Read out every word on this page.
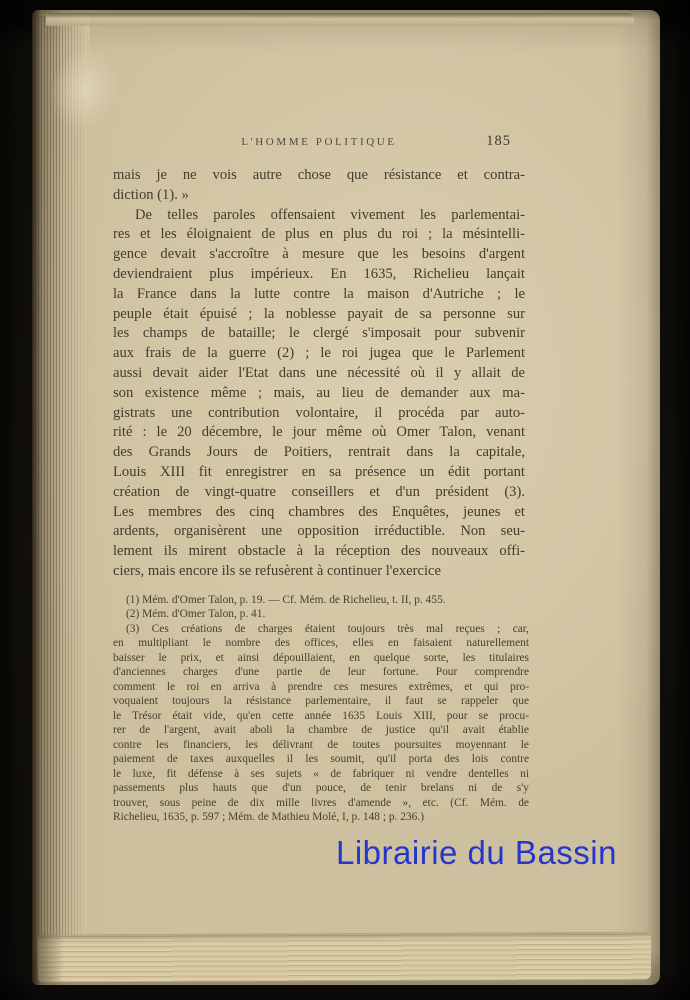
L'HOMME POLITIQUE	185
mais je ne vois autre chose que résistance et contra-
diction (1). »
De telles paroles offensaient vivement les parlementai-
res et les éloignaient de plus en plus du roi ; la mésintelli-
gence devait s'accroître à mesure que les besoins d'argent
deviendraient plus impérieux. En 1635, Richelieu lançait
la France dans la lutte contre la maison d'Autriche ; le
peuple était épuisé ; la noblesse payait de sa personne sur
les champs de bataille; le clergé s'imposait pour subvenir
aux frais de la guerre (2) ; le roi jugea que le Parlement
aussi devait aider l'Etat dans une nécessité où il y allait de
son existence même ; mais, au lieu de demander aux ma-
gistrats une contribution volontaire, il procéda par auto-
rité : le 20 décembre, le jour même où Omer Talon, venant
des Grands Jours de Poitiers, rentrait dans la capitale,
Louis XIII fit enregistrer en sa présence un édit portant
création de vingt-quatre conseillers et d'un président (3).
Les membres des cinq chambres des Enquêtes, jeunes et
ardents, organisèrent une opposition irréductible. Non seu-
lement ils mirent obstacle à la réception des nouveaux offi-
ciers, mais encore ils se refusèrent à continuer l'exercice
(1) Mém. d'Omer Talon, p. 19. — Cf. Mém. de Richelieu, t. II, p. 455.
(2) Mém. d'Omer Talon, p. 41.
(3) Ces créations de charges étaient toujours très mal reçues ; car,
en multipliant le nombre des offices, elles en faisaient naturellement
baisser le prix, et ainsi dépouillaient, en quelque sorte, les titulaires
d'anciennes charges d'une partie de leur fortune. Pour comprendre
comment le roi en arriva à prendre ces mesures extrêmes, et qui pro-
voquaient toujours la résistance parlementaire, il faut se rappeler que
le Trésor était vide, qu'en cette année 1635 Louis XIII, pour se procu-
rer de l'argent, avait aboli la chambre de justice qu'il avait établie
contre les financiers, les délivrant de toutes poursuites moyennant le
paiement de taxes auxquelles il les soumit, qu'il porta des lois contre
le luxe, fit défense à ses sujets « de fabriquer ni vendre dentelles ni
passements plus hauts que d'un pouce, de tenir brelans ni de s'y
trouver, sous peine de dix mille livres d'amende », etc. (Cf. Mém. de
Richelieu, 1635, p. 597 ; Mém. de Mathieu Molé, I, p. 148 ; p. 236.)
Librairie du Bassin
